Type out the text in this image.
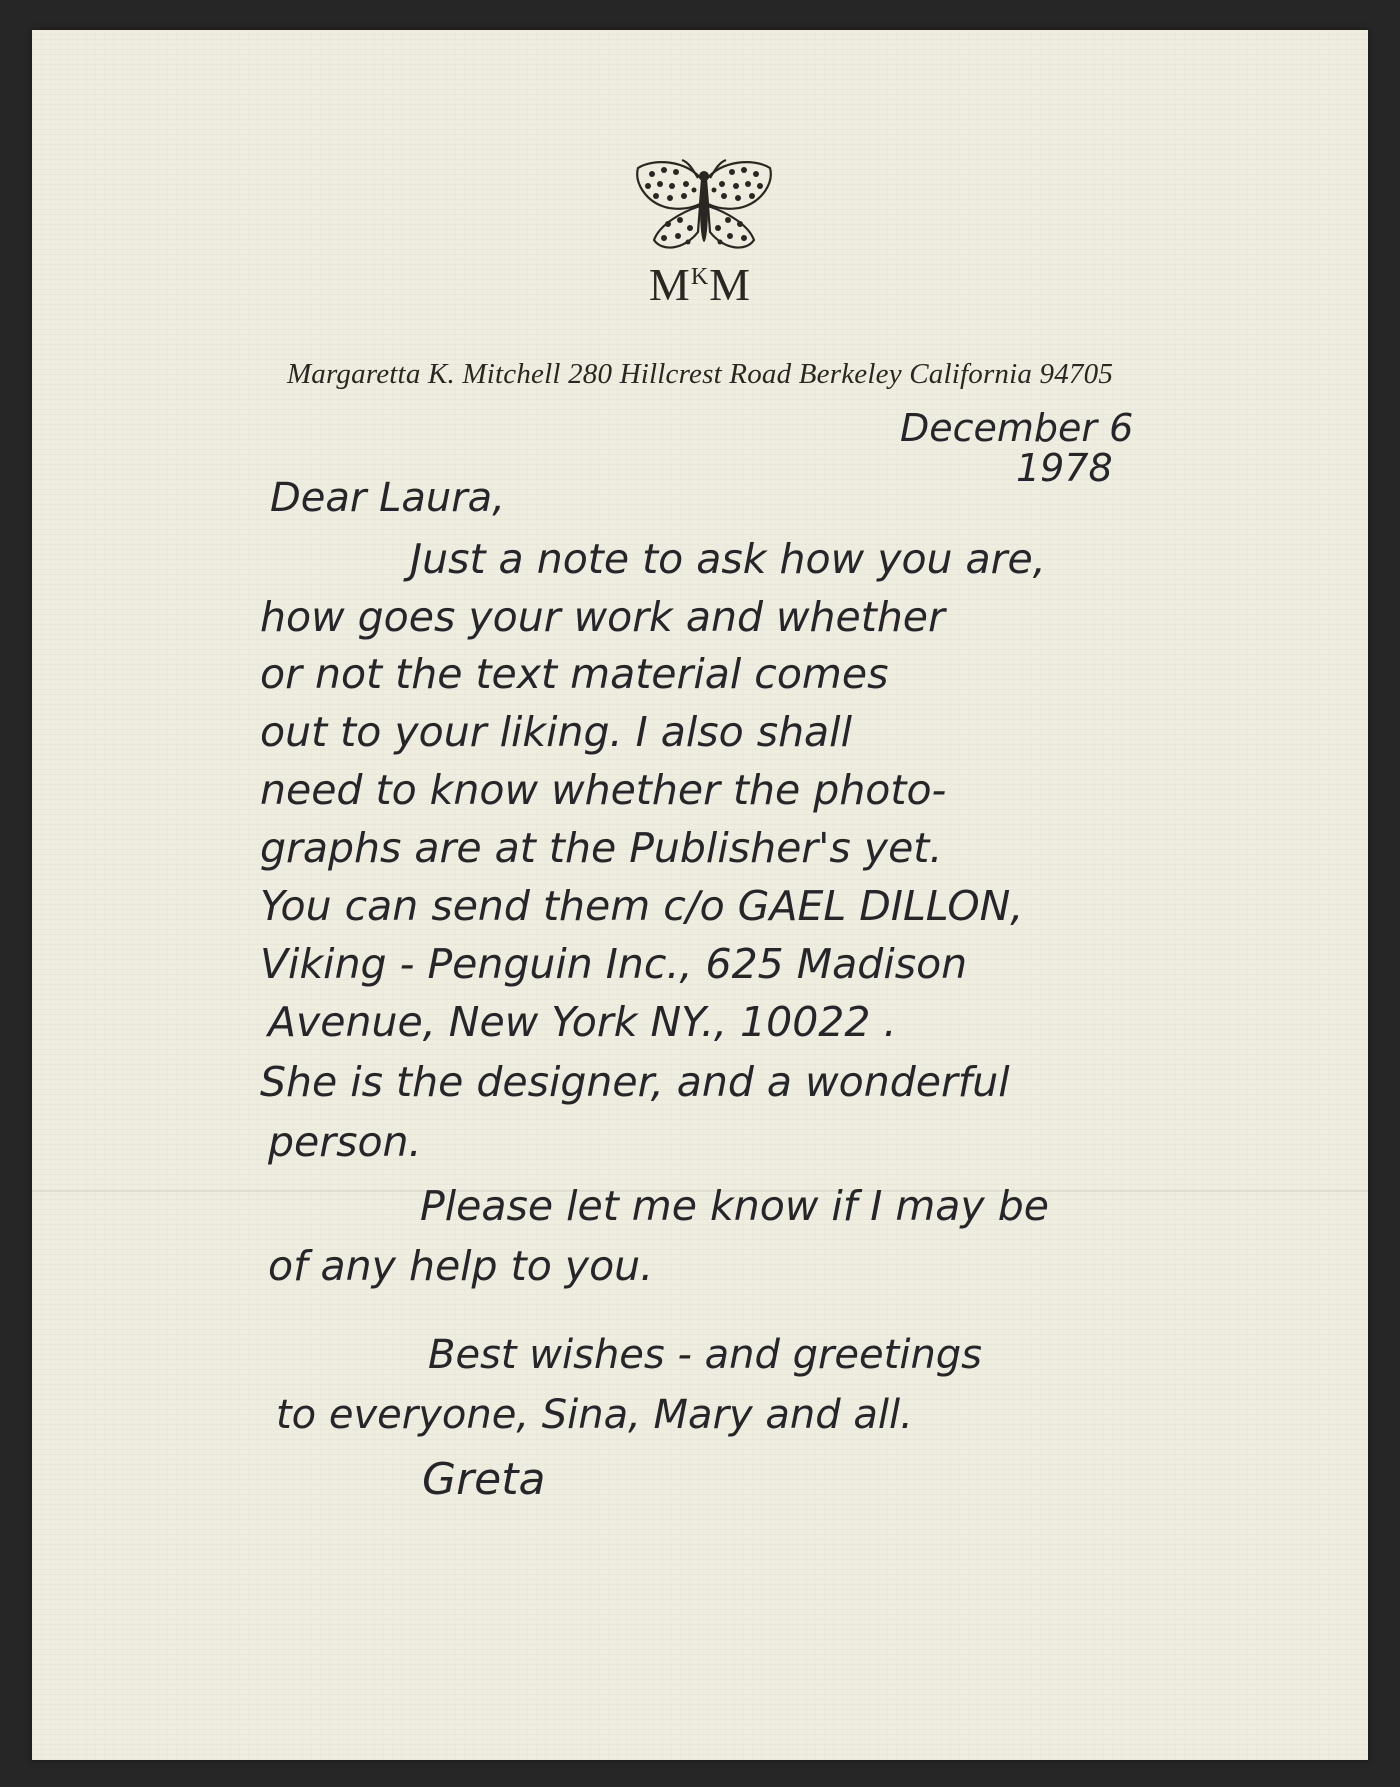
$M^KM$
Margaretta K. Mitchell 280 Hillcrest Road Berkeley California 94705
December 6
1978
Dear Laura,
Just a note to ask how you are,
how goes your work and whether
or not the text material comes
out to your liking. I also shall
need to know whether the photo-
graphs are at the Publisher's yet.
You can send them c/o GAEL DILLON,
Viking - Penguin Inc., 625 Madison
Avenue, New York NY., 10022 .
She is the designer, and a wonderful
person.
Please let me know if I may be
of any help to you.
Best wishes - and greetings
to everyone, Sina, Mary and all.
Greta
